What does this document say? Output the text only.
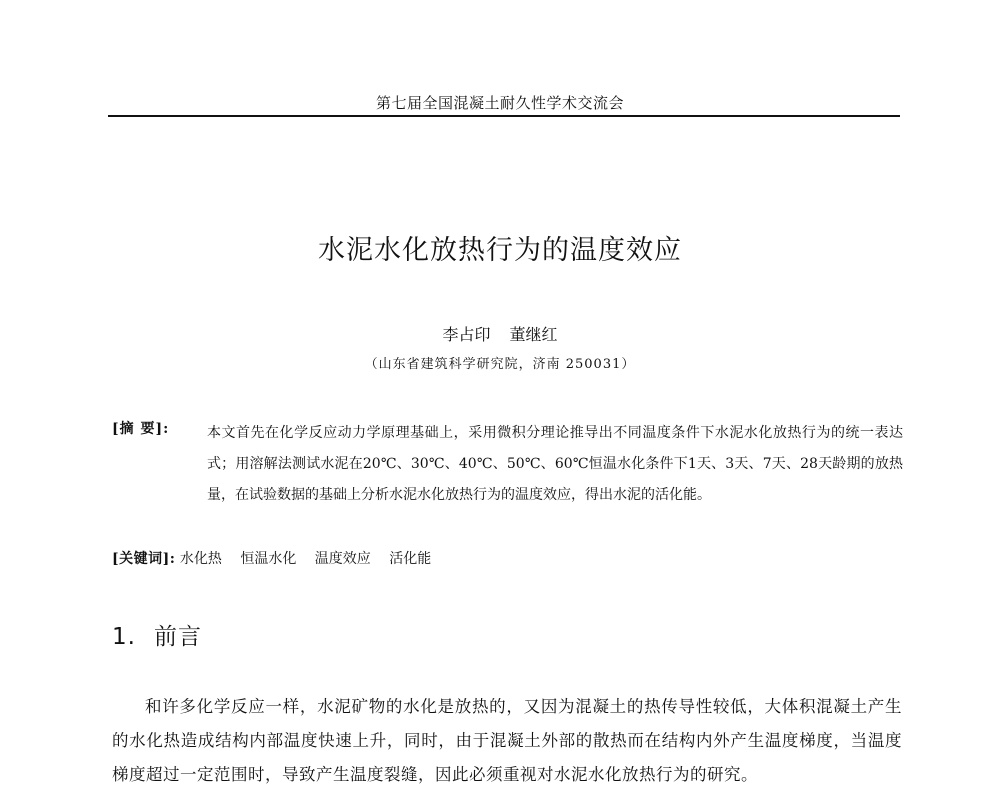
第七届全国混凝土耐久性学术交流会
水泥水化放热行为的温度效应
李占印 董继红
（山东省建筑科学研究院，济南 250031）
[摘 要]:	本文首先在化学反应动力学原理基础上，采用微积分理论推导出不同温度条件下水泥水化放热行为的统一表达式；用溶解法测试水泥在20℃、30℃、40℃、50℃、60℃恒温水化条件下1天、3天、7天、28天龄期的放热量，在试验数据的基础上分析水泥水化放热行为的温度效应，得出水泥的活化能。
[关键词]: 水化热 恒温水化 温度效应 活化能
1. 前言
和许多化学反应一样，水泥矿物的水化是放热的，又因为混凝土的热传导性较低，大体积混凝土产生的水化热造成结构内部温度快速上升，同时，由于混凝土外部的散热而在结构内外产生温度梯度，当温度梯度超过一定范围时，导致产生温度裂缝，因此必须重视对水泥水化放热行为的研究。
